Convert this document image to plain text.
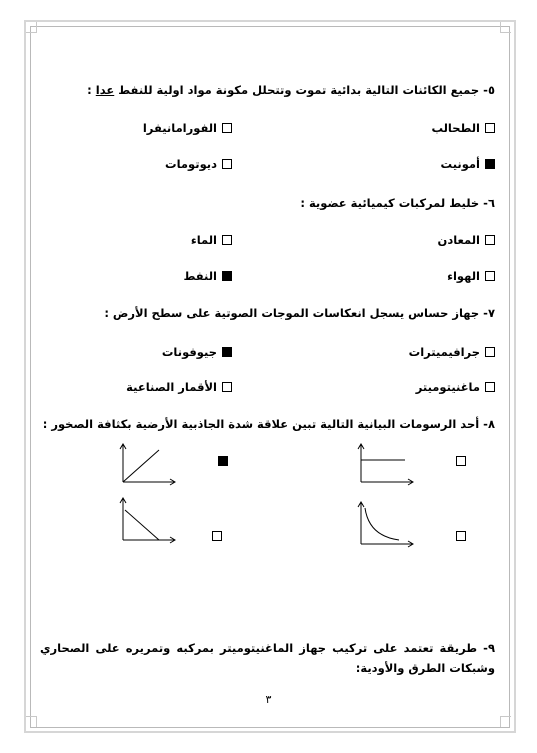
٥- جميع الكائنات التالية بدائية تموت وتتحلل مكونة مواد اولية للنفط عدا :
الطحالب
الفورامانيفرا
أمونيت
ديوتومات
٦- خليط لمركبات كيميائية عضوية :
المعادن
الماء
الهواء
النفط
٧- جهاز حساس يسجل انعكاسات الموجات الصوتية على سطح الأرض :
جرافيميترات
جيوفونات
ماغنيتوميتر
الأقمار الصناعية
٨- أحد الرسومات البيانية التالية تبين علاقة شدة الجاذبية الأرضية بكثافة الصخور :
٩- طريقة تعتمد على تركيب جهاز الماغنيتوميتر بمركبه وتمريره على الصحاري وشبكات الطرق والأودية:
٣
